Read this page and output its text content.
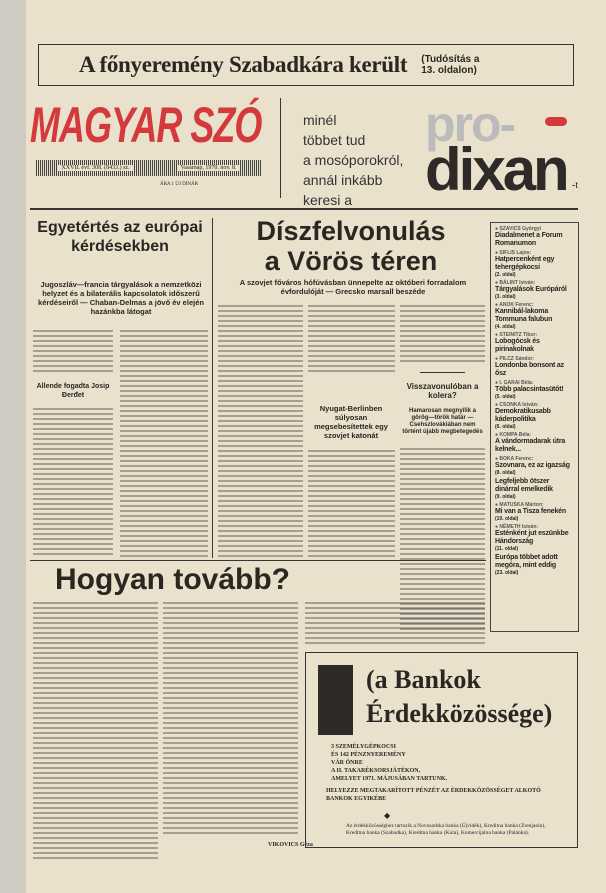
A főnyeremény Szabadkára került (Tudósítás a 13. oldalon)
MAGYAR SZÓ
XXVII. évf. 308. (8433.) sz.	Vasárnap, 1970. nov. 8.
ÁRA 1 ÚJ DINÁR
minél
többet tud
a mosóporokról,
annál inkább
keresi a
pro-
dixan -t
Egyetértés az európai kérdésekben
Jugoszláv—francia tárgyalások a nemzetközi helyzet és a bilaterális kapcsolatok időszerű kérdéseiről — Chaban-Delmas a jövő év elején hazánkba látogat
Allende fogadta Josip Đerđet
Díszfelvonulás
a Vörös téren
A szovjet főváros hófúvásban ünnepelte az októberi forradalom évfordulóját — Grecsko marsall beszéde
Nyugat-Berlinben súlyosan megsebesítettek egy szovjet katonát
Visszavonulóban a kolera?
Hamarosan megnyílik a görög—török határ — Csehszlovákiában nem történt újabb megbetegedés
● SZAVICS Györgyi
Diadalmenet a Forum Romanumon
● SIFLIS Lajos:
Hatpercenként egy tehergépkocsi
(2. oldal)
● BÁLINT István:
Tárgyalások Európáról
(3. oldal)
● ANOK Ferenc:
Kannibál-lakoma Tommuna falubun
(4. oldal)
● STEINITZ Tibor:
Lobogócsk és pirinakolnak
● PILCZ Sándor:
Londonba bonsont az ősz
● I. GARAI Béla:
Több palacsintasütőt!
(5. oldal)
● CSONKA István:
Demokratikusabb káderpolitika
(6. oldal)
● KOMPA Béla:
A vándormadarak útra kelnek...
● BOKA Ferenc:
Szovnara, ez az igazság
(8. oldal)
Legfeljebb ötszer dinárral emelkedik
(9. oldal)
● MATUSKA Márton:
Mi van a Tisza fenekén
(10. oldal)
● NÉMETH István:
Esténként jut eszünkbe Hándország
(11. oldal)
Európa többet adott megóra, mint eddig
(23. oldal)
Hogyan tovább?
VIKOVICS Géza
(a Bankok
Érdekközössége)
3 SZEMÉLYGÉPKOCSI
ÉS 142 PÉNZNYEREMÉNY
VÁR ÖNRE
A II. TAKARÉKSORSJÁTÉKON,
AMELYET 1971. MÁJUSÁBAN TARTUNK.
HELYEZZE MEGTAKARÍTOTT PÉNZÉT AZ ÉRDEKKÖZÖSSÉGET ALKOTÓ BANKOK EGYIKÉBE
◆
Az érdekközösséghez tartozik a Novosadska banka (Újvidék), Kreditna banka (Zrenjanin), Kreditna banka (Szabadka), Kreditna banka (Kula), Komercijalna banka (Palánka).
